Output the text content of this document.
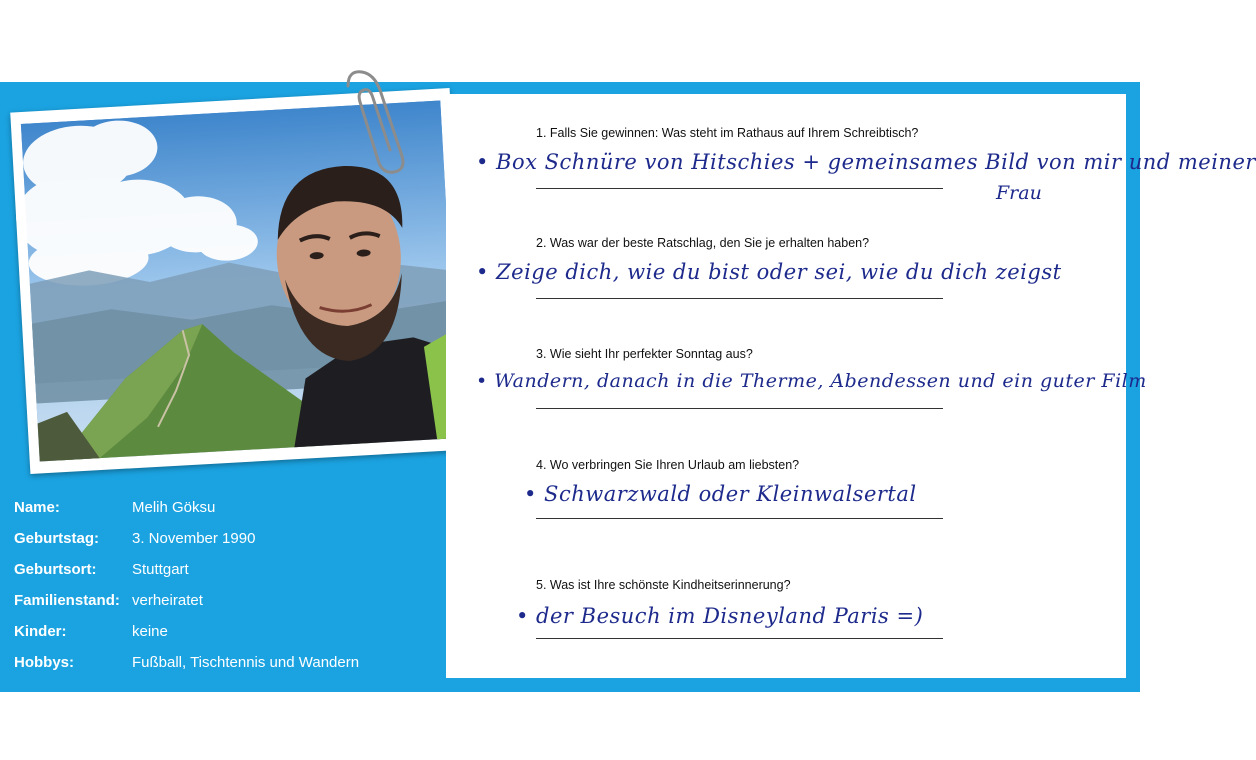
Name:	Melih Göksu
Geburtstag:	3. November 1990
Geburtsort:	Stuttgart
Familienstand: verheiratet
Kinder:	keine
Hobbys:	Fußball, Tischtennis und Wandern
1. Falls Sie gewinnen: Was steht im Rathaus auf Ihrem Schreibtisch?
• Box Schnüre von Hitschies + gemeinsames Bild von mir und meiner
Frau
2. Was war der beste Ratschlag, den Sie je erhalten haben?
• Zeige dich, wie du bist oder sei, wie du dich zeigst
3. Wie sieht Ihr perfekter Sonntag aus?
• Wandern, danach in die Therme, Abendessen und ein guter Film
4. Wo verbringen Sie Ihren Urlaub am liebsten?
• Schwarzwald oder Kleinwalsertal
5. Was ist Ihre schönste Kindheitserinnerung?
• der Besuch im Disneyland Paris =)
